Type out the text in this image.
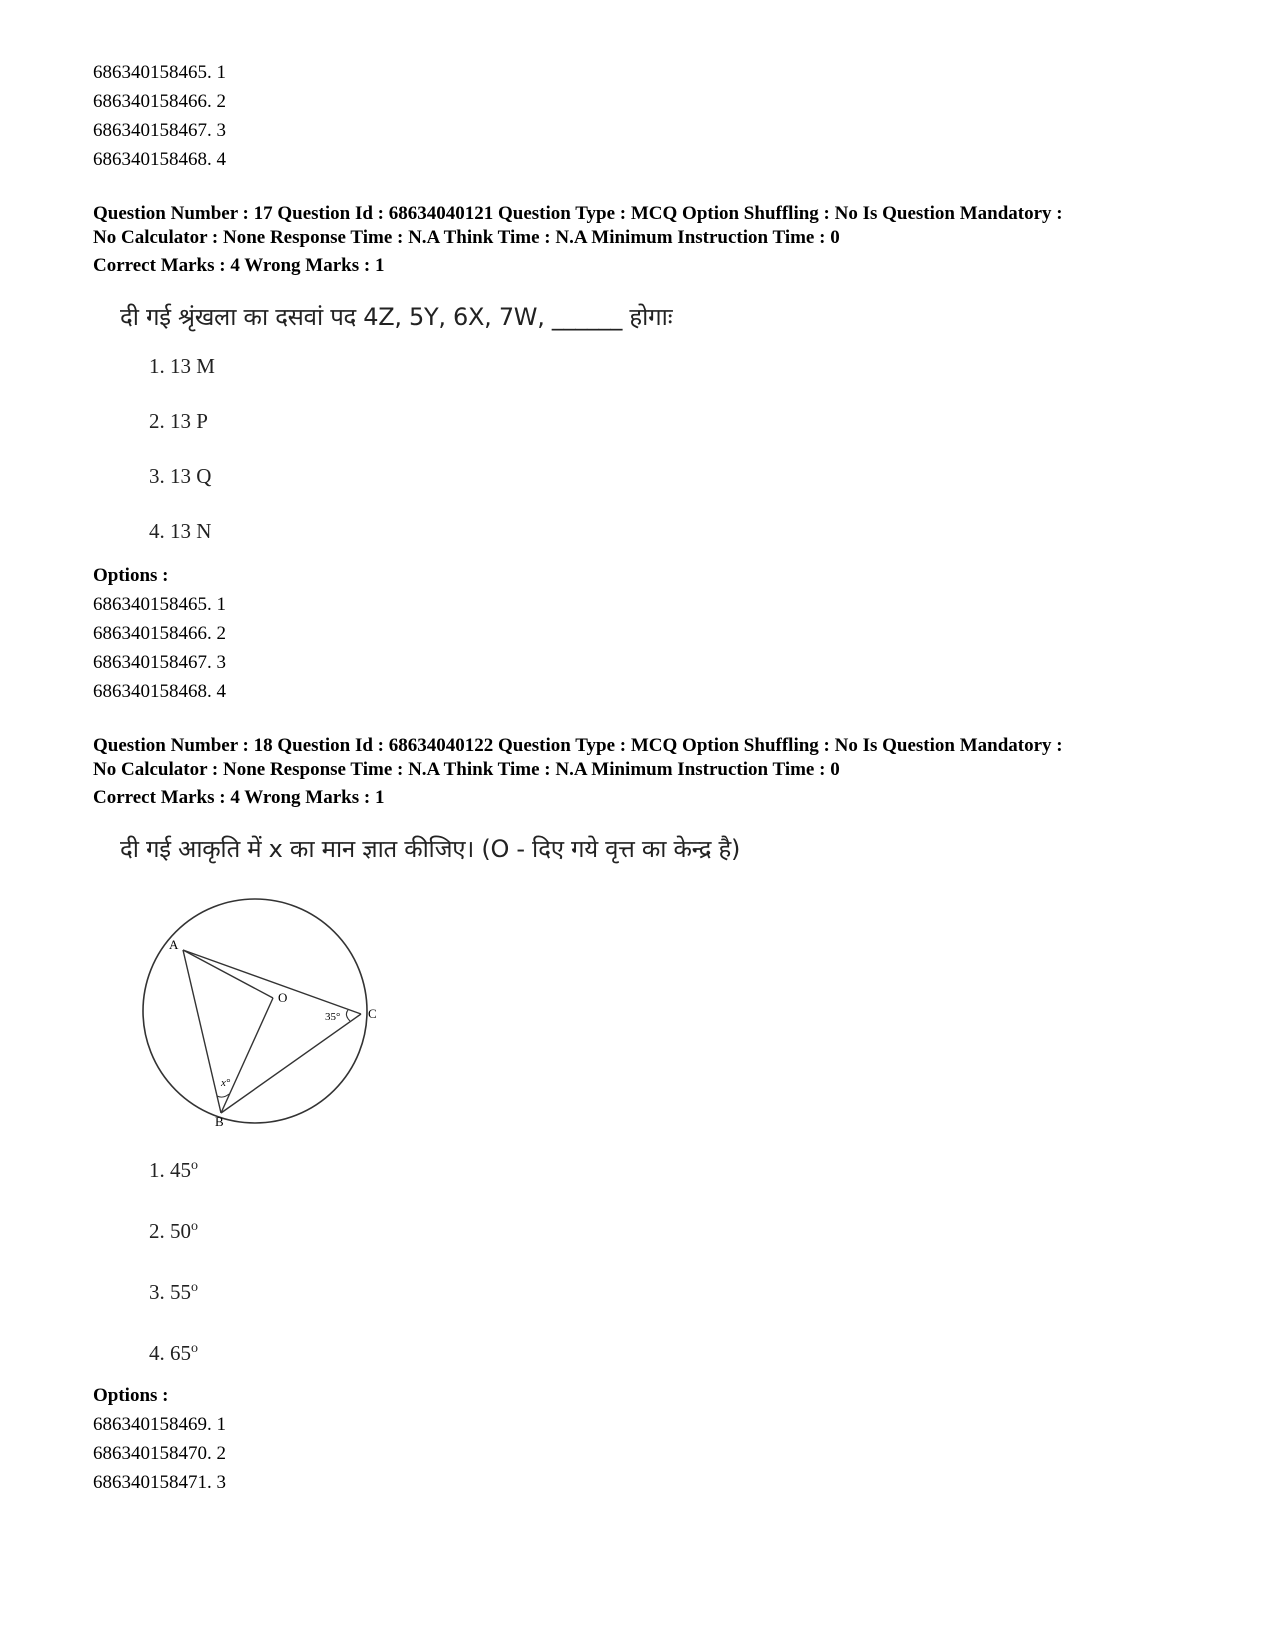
686340158465. 1

686340158466. 2

686340158467. 3

686340158468. 4

Question Number : 17 Question Id : 68634040121 Question Type : MCQ Option Shuffling : No Is Question Mandatory :

No Calculator : None Response Time : N.A Think Time : N.A Minimum Instruction Time : 0

Correct Marks : 4 Wrong Marks : 1

दी गई श्रृंखला का दसवां पद 4Z, 5Y, 6X, 7W, ______ होगाः
1. 13 M
2. 13 P
3. 13 Q
4. 13 N

Options :

686340158465. 1

686340158466. 2

686340158467. 3

686340158468. 4

Question Number : 18 Question Id : 68634040122 Question Type : MCQ Option Shuffling : No Is Question Mandatory :

No Calculator : None Response Time : N.A Think Time : N.A Minimum Instruction Time : 0

Correct Marks : 4 Wrong Marks : 1

दी गई आकृति में x का मान ज्ञात कीजिए। (O - दिए गये वृत्त का केन्द्र है)
A
B
C
O
35°
x°
1. 45$^o$
2. 50$^o$
3. 55$^o$
4. 65$^o$

Options :

686340158469. 1

686340158470. 2

686340158471. 3
